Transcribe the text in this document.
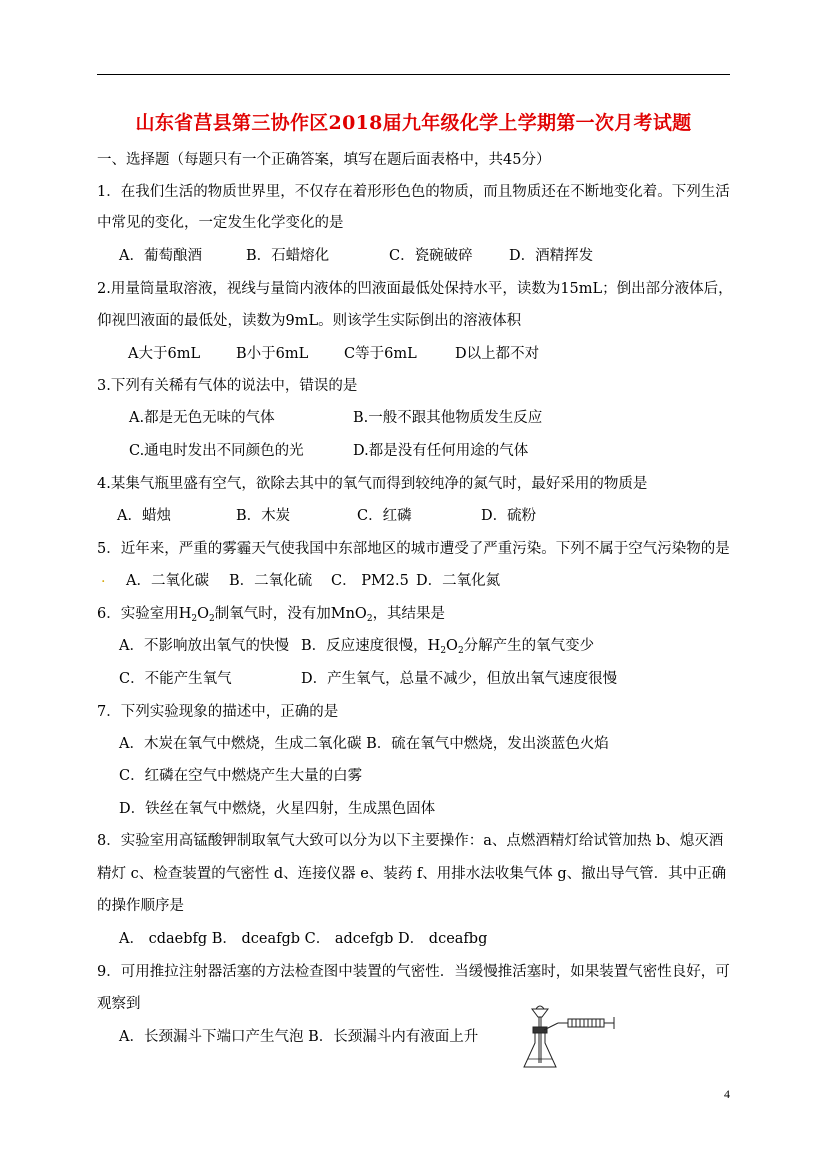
山东省莒县第三协作区2018届九年级化学上学期第一次月考试题
一、选择题（每题只有一个正确答案，填写在题后面表格中，共45分）
1．在我们生活的物质世界里，不仅存在着形形色色的物质，而且物质还在不断地变化着。下列生活
中常见的变化，一定发生化学变化的是
A．葡萄酿酒	B．石蜡熔化	C．瓷碗破碎	D．酒精挥发
2.用量筒量取溶液，视线与量筒内液体的凹液面最低处保持水平，读数为15mL；倒出部分液体后，
仰视凹液面的最低处，读数为9mL。则该学生实际倒出的溶液体积
A大于6mL B小于6mL C等于6mL	D以上都不对
3.下列有关稀有气体的说法中，错误的是
A.都是无色无味的气体	B.一般不跟其他物质发生反应
C.通电时发出不同颜色的光	D.都是没有任何用途的气体
4.某集气瓶里盛有空气，欲除去其中的氧气而得到较纯净的氮气时，最好采用的物质是
A．蜡烛	B．木炭	C．红磷	D．硫粉
5．近年来，严重的雾霾天气使我国中东部地区的城市遭受了严重污染。下列不属于空气污染物的是
. A．二氧化碳 B．二氧化硫 C． PM2.5 D．二氧化氮
6．实验室用$H_2O_2$制氧气时，没有加MnO$_2$，其结果是
A．不影响放出氧气的快慢 B．反应速度很慢，$H_2O_2$分解产生的氧气变少
C．不能产生氧气	D．产生氧气，总量不减少，但放出氧气速度很慢
7．下列实验现象的描述中，正确的是
A．木炭在氧气中燃烧，生成二氧化碳 B．硫在氧气中燃烧，发出淡蓝色火焰
C．红磷在空气中燃烧产生大量的白雾
D．铁丝在氧气中燃烧，火星四射，生成黑色固体
8．实验室用高锰酸钾制取氧气大致可以分为以下主要操作：a、点燃酒精灯给试管加热 b、熄灭酒
精灯 c、检查装置的气密性 d、连接仪器 e、装药 f、用排水法收集气体 g、撤出导气管．其中正确
的操作顺序是
A． cdaebfg B． dceafgb C． adcefgb D． dceafbg
9．可用推拉注射器活塞的方法检查图中装置的气密性．当缓慢推活塞时，如果装置气密性良好，可
观察到
A．长颈漏斗下端口产生气泡 B．长颈漏斗内有液面上升
4
